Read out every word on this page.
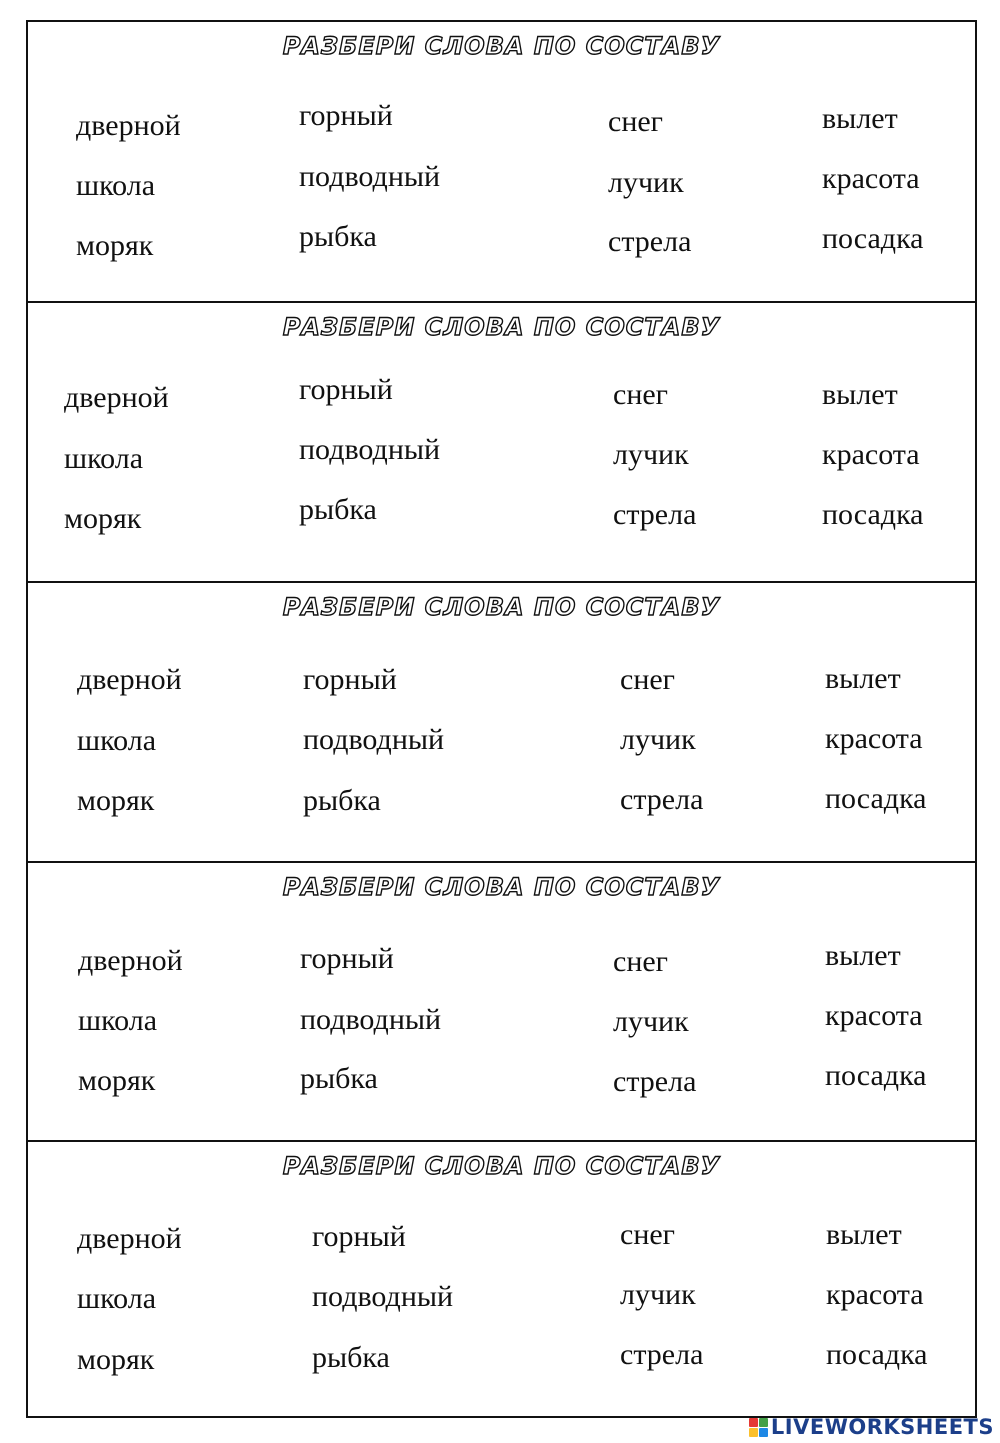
РАЗБЕРИ СЛОВА ПО СОСТАВУ
дверной
школа
моряк
горный
подводный
рыбка
снег
лучик
стрела
вылет
красота
посадка
РАЗБЕРИ СЛОВА ПО СОСТАВУ
дверной
школа
моряк
горный
подводный
рыбка
снег
лучик
стрела
вылет
красота
посадка
РАЗБЕРИ СЛОВА ПО СОСТАВУ
дверной
школа
моряк
горный
подводный
рыбка
снег
лучик
стрела
вылет
красота
посадка
РАЗБЕРИ СЛОВА ПО СОСТАВУ
дверной
школа
моряк
горный
подводный
рыбка
снег
лучик
стрела
вылет
красота
посадка
РАЗБЕРИ СЛОВА ПО СОСТАВУ
дверной
школа
моряк
горный
подводный
рыбка
снег
лучик
стрела
вылет
красота
посадка
LIVEWORKSHEETS
